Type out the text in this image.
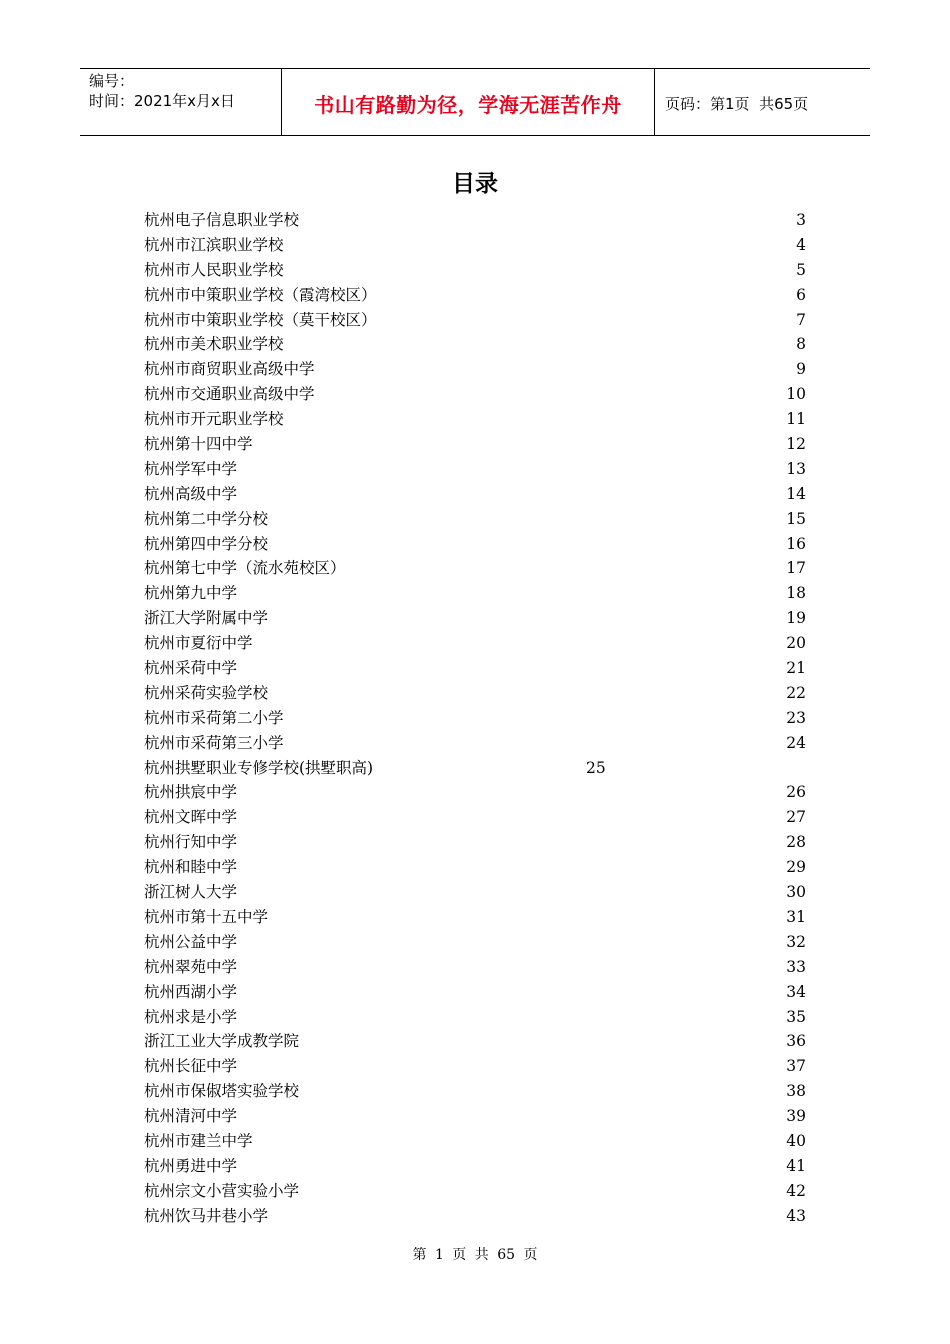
编号：
时间：2021年x月x日	书山有路勤为径，学海无涯苦作舟	页码：第1页  共65页
目录
杭州电子信息职业学校	3
杭州市江滨职业学校	4
杭州市人民职业学校	5
杭州市中策职业学校（霞湾校区）	6
杭州市中策职业学校（莫干校区）	7
杭州市美术职业学校	8
杭州市商贸职业高级中学	9
杭州市交通职业高级中学	10
杭州市开元职业学校	11
杭州第十四中学	12
杭州学军中学	13
杭州高级中学	14
杭州第二中学分校	15
杭州第四中学分校	16
杭州第七中学（流水苑校区）	17
杭州第九中学	18
浙江大学附属中学	19
杭州市夏衍中学	20
杭州采荷中学	21
杭州采荷实验学校	22
杭州市采荷第二小学	23
杭州市采荷第三小学	24
杭州拱墅职业专修学校(拱墅职高)	25
杭州拱宸中学	26
杭州文晖中学	27
杭州行知中学	28
杭州和睦中学	29
浙江树人大学	30
杭州市第十五中学	31
杭州公益中学	32
杭州翠苑中学	33
杭州西湖小学	34
杭州求是小学	35
浙江工业大学成教学院	36
杭州长征中学	37
杭州市保俶塔实验学校	38
杭州清河中学	39
杭州市建兰中学	40
杭州勇进中学	41
杭州宗文小营实验小学	42
杭州饮马井巷小学	43
第 1 页 共 65 页
